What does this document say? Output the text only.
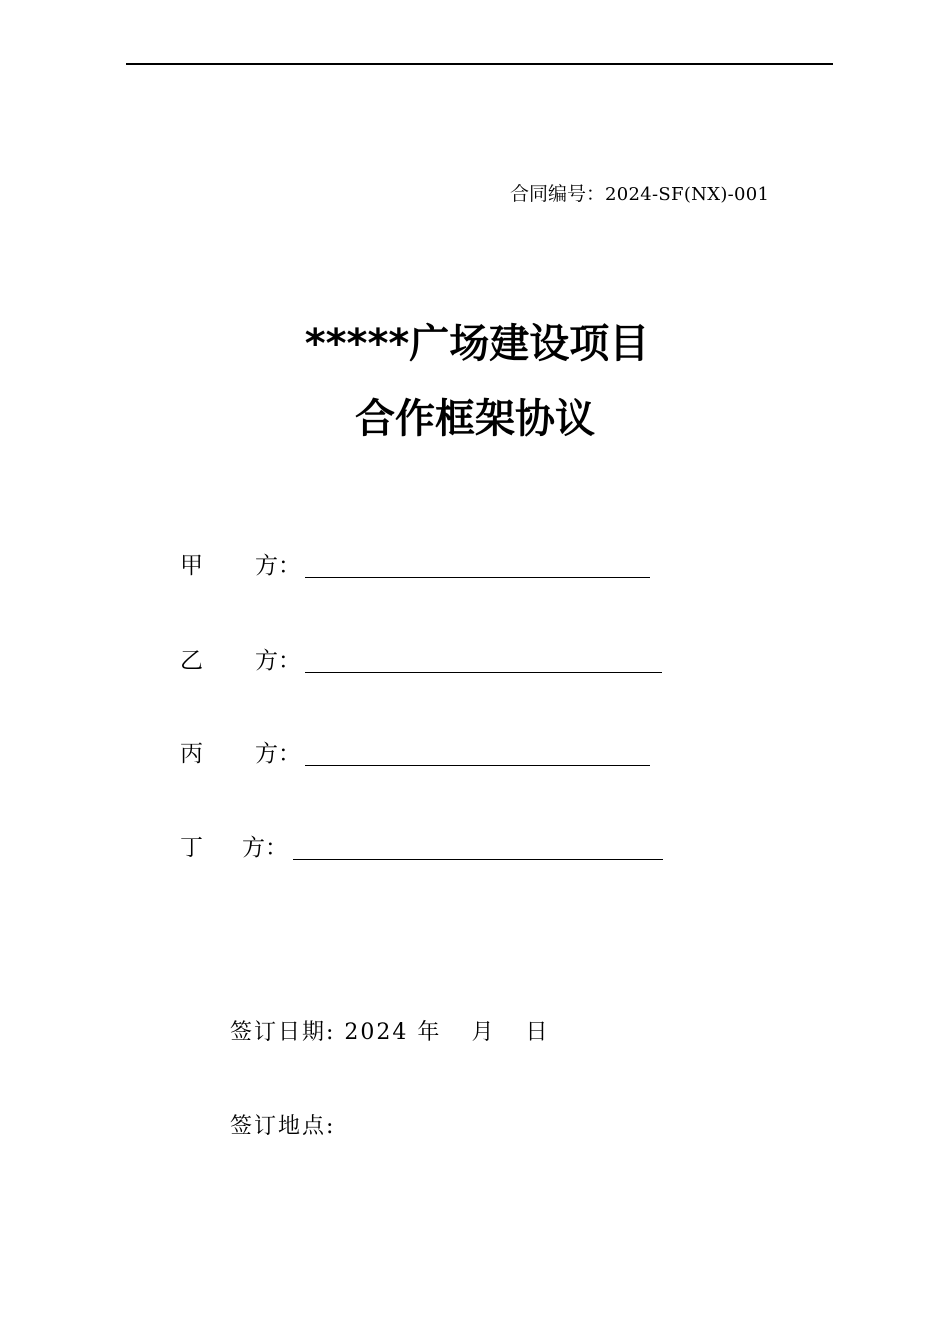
合同编号：2024-SF(NX)-001
*****广场建设项目
合作框架协议
甲 方：
乙 方：
丙 方：
丁 方：
签订日期: 2024 年 月 日
签订地点:
